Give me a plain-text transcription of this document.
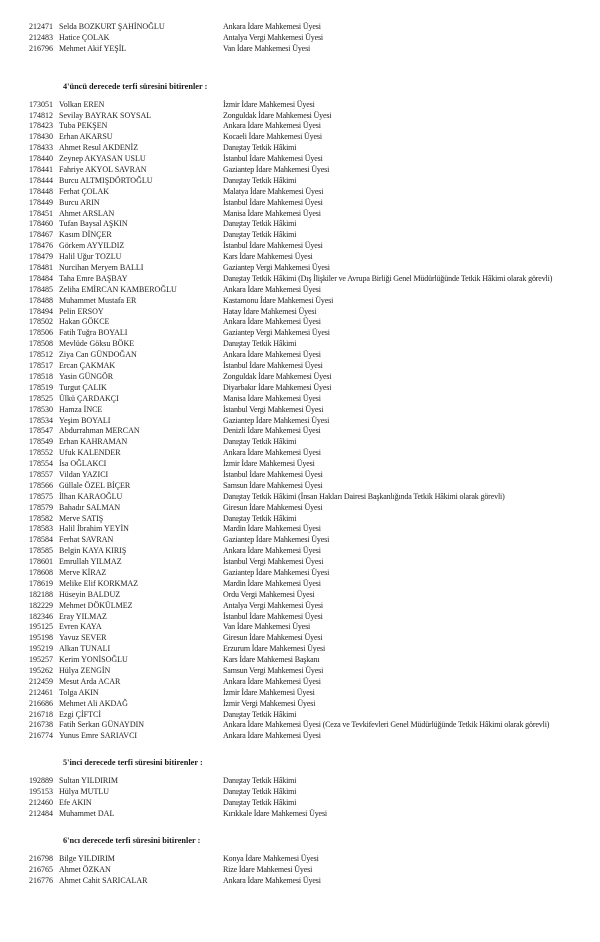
212471 Selda BOZKURT ŞAHİNOĞLU	Ankara İdare Mahkemesi Üyesi
212483 Hatice ÇOLAK	Antalya Vergi Mahkemesi Üyesi
216796 Mehmet Akif YEŞİL	Van İdare Mahkemesi Üyesi
4'üncü derecede terfi süresini bitirenler :
173051 Volkan EREN	İzmir İdare Mahkemesi Üyesi
174812 Sevilay BAYRAK SOYSAL	Zonguldak İdare Mahkemesi Üyesi
178423 Tuba PEKŞEN	Ankara İdare Mahkemesi Üyesi
178430 Erhan AKARSU	Kocaeli İdare Mahkemesi Üyesi
178433 Ahmet Resul AKDENİZ	Danıştay Tetkik Hâkimi
178440 Zeynep AKYASAN USLU	İstanbul İdare Mahkemesi Üyesi
178441 Fahriye AKYOL SAVRAN	Gaziantep İdare Mahkemesi Üyesi
178444 Burcu ALTMIŞDÖRTOĞLU	Danıştay Tetkik Hâkimi
178448 Ferhat ÇOLAK	Malatya İdare Mahkemesi Üyesi
178449 Burcu ARIN	İstanbul İdare Mahkemesi Üyesi
178451 Ahmet ARSLAN	Manisa İdare Mahkemesi Üyesi
178460 Tufan Baysal AŞKIN	Danıştay Tetkik Hâkimi
178467 Kasım DİNÇER	Danıştay Tetkik Hâkimi
178476 Görkem AYYILDIZ	İstanbul İdare Mahkemesi Üyesi
178479 Halil Uğur TOZLU	Kars İdare Mahkemesi Üyesi
178481 Nurcihan Meryem BALLI	Gaziantep Vergi Mahkemesi Üyesi
178484 Taha Emre BAŞBAY	Danıştay Tetkik Hâkimi (Dış İlişkiler ve Avrupa Birliği Genel Müdürlüğünde Tetkik Hâkimi olarak görevli)
178485 Zeliha EMİRCAN KAMBEROĞLU	Ankara İdare Mahkemesi Üyesi
178488 Muhammet Mustafa ER	Kastamonu İdare Mahkemesi Üyesi
178494 Pelin ERSOY	Hatay İdare Mahkemesi Üyesi
178502 Hakan GÖKCE	Ankara İdare Mahkemesi Üyesi
178506 Fatih Tuğra BOYALI	Gaziantep Vergi Mahkemesi Üyesi
178508 Mevlüde Göksu BÖKE	Danıştay Tetkik Hâkimi
178512 Ziya Can GÜNDOĞAN	Ankara İdare Mahkemesi Üyesi
178517 Ercan ÇAKMAK	İstanbul İdare Mahkemesi Üyesi
178518 Yasin GÜNGÖR	Zonguldak İdare Mahkemesi Üyesi
178519 Turgut ÇALIK	Diyarbakır İdare Mahkemesi Üyesi
178525 Ülkü ÇARDAKÇI	Manisa İdare Mahkemesi Üyesi
178530 Hamza İNCE	İstanbul Vergi Mahkemesi Üyesi
178534 Yeşim BOYALI	Gaziantep İdare Mahkemesi Üyesi
178547 Abdurrahman MERCAN	Denizli İdare Mahkemesi Üyesi
178549 Erhan KAHRAMAN	Danıştay Tetkik Hâkimi
178552 Ufuk KALENDER	Ankara İdare Mahkemesi Üyesi
178554 İsa OĞLAKCI	İzmir İdare Mahkemesi Üyesi
178557 Vildan YAZICI	İstanbul İdare Mahkemesi Üyesi
178566 Güllale ÖZEL BİÇER	Samsun İdare Mahkemesi Üyesi
178575 İlhan KARAOĞLU	Danıştay Tetkik Hâkimi (İnsan Hakları Dairesi Başkanlığında Tetkik Hâkimi olarak görevli)
178579 Bahadır SALMAN	Giresun İdare Mahkemesi Üyesi
178582 Merve SATIŞ	Danıştay Tetkik Hâkimi
178583 Halil İbrahim YEYİN	Mardin İdare Mahkemesi Üyesi
178584 Ferhat SAVRAN	Gaziantep İdare Mahkemesi Üyesi
178585 Belgin KAYA KIRIŞ	Ankara İdare Mahkemesi Üyesi
178601 Emrullah YILMAZ	İstanbul Vergi Mahkemesi Üyesi
178608 Merve KİRAZ	Gaziantep İdare Mahkemesi Üyesi
178619 Melike Elif KORKMAZ	Mardin İdare Mahkemesi Üyesi
182188 Hüseyin BALDUZ	Ordu Vergi Mahkemesi Üyesi
182229 Mehmet DÖKÜLMEZ	Antalya Vergi Mahkemesi Üyesi
182346 Eray YILMAZ	İstanbul İdare Mahkemesi Üyesi
195125 Evren KAYA	Van İdare Mahkemesi Üyesi
195198 Yavuz SEVER	Giresun İdare Mahkemesi Üyesi
195219 Alkan TUNALI	Erzurum İdare Mahkemesi Üyesi
195257 Kerim YONİSOĞLU	Kars İdare Mahkemesi Başkanı
195262 Hülya ZENGİN	Samsun Vergi Mahkemesi Üyesi
212459 Mesut Arda ACAR	Ankara İdare Mahkemesi Üyesi
212461 Tolga AKIN	İzmir İdare Mahkemesi Üyesi
216686 Mehmet Ali AKDAĞ	İzmir Vergi Mahkemesi Üyesi
216718 Ezgi ÇİFTCİ	Danıştay Tetkik Hâkimi
216738 Fatih Serkan GÜNAYDIN	Ankara İdare Mahkemesi Üyesi (Ceza ve Tevkifevleri Genel Müdürlüğünde Tetkik Hâkimi olarak görevli)
216774 Yunus Emre SARIAVCI	Ankara İdare Mahkemesi Üyesi
5'inci derecede terfi süresini bitirenler :
192889 Sultan YILDIRIM	Danıştay Tetkik Hâkimi
195153 Hülya MUTLU	Danıştay Tetkik Hâkimi
212460 Efe AKIN	Danıştay Tetkik Hâkimi
212484 Muhammet DAL	Kırıkkale İdare Mahkemesi Üyesi
6'ncı derecede terfi süresini bitirenler :
216798 Bilge YILDIRIM	Konya İdare Mahkemesi Üyesi
216765 Ahmet ÖZKAN	Rize İdare Mahkemesi Üyesi
216776 Ahmet Cahit SARICALAR	Ankara İdare Mahkemesi Üyesi
